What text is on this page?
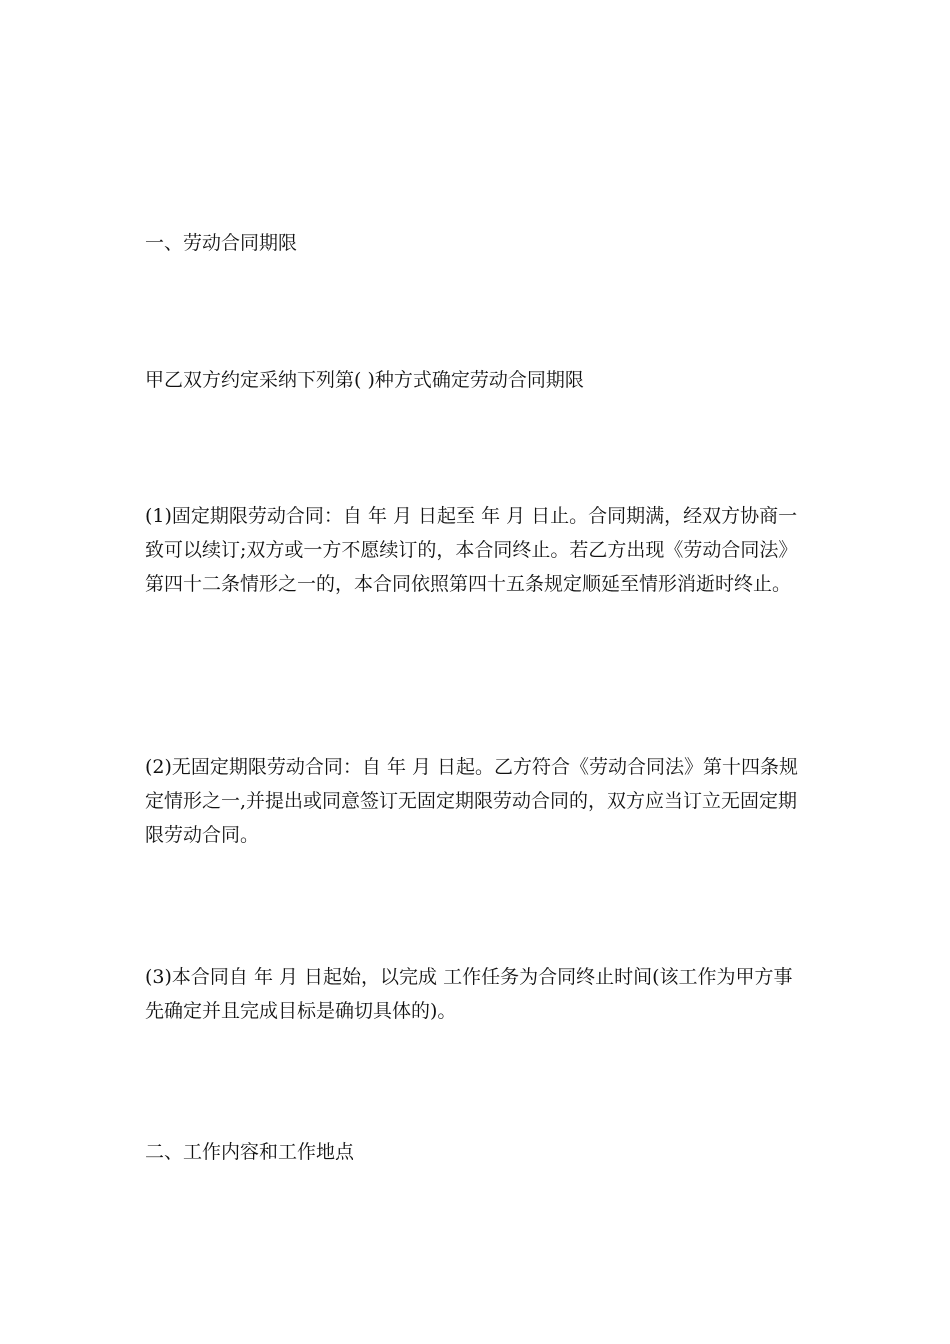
一、劳动合同期限

甲乙双方约定采纳下列第( )种方式确定劳动合同期限

(1)固定期限劳动合同：自 年 月 日起至 年 月 日止。合同期满，经双方协商一致可以续订;双方或一方不愿续订的，本合同终止。若乙方出现《劳动合同法》第四十二条情形之一的，本合同依照第四十五条规定顺延至情形消逝时终止。

(2)无固定期限劳动合同：自 年 月 日起。乙方符合《劳动合同法》第十四条规定情形之一,并提出或同意签订无固定期限劳动合同的，双方应当订立无固定期限劳动合同。

(3)本合同自 年 月 日起始，以完成 工作任务为合同终止时间(该工作为甲方事先确定并且完成目标是确切具体的)。

二、工作内容和工作地点
